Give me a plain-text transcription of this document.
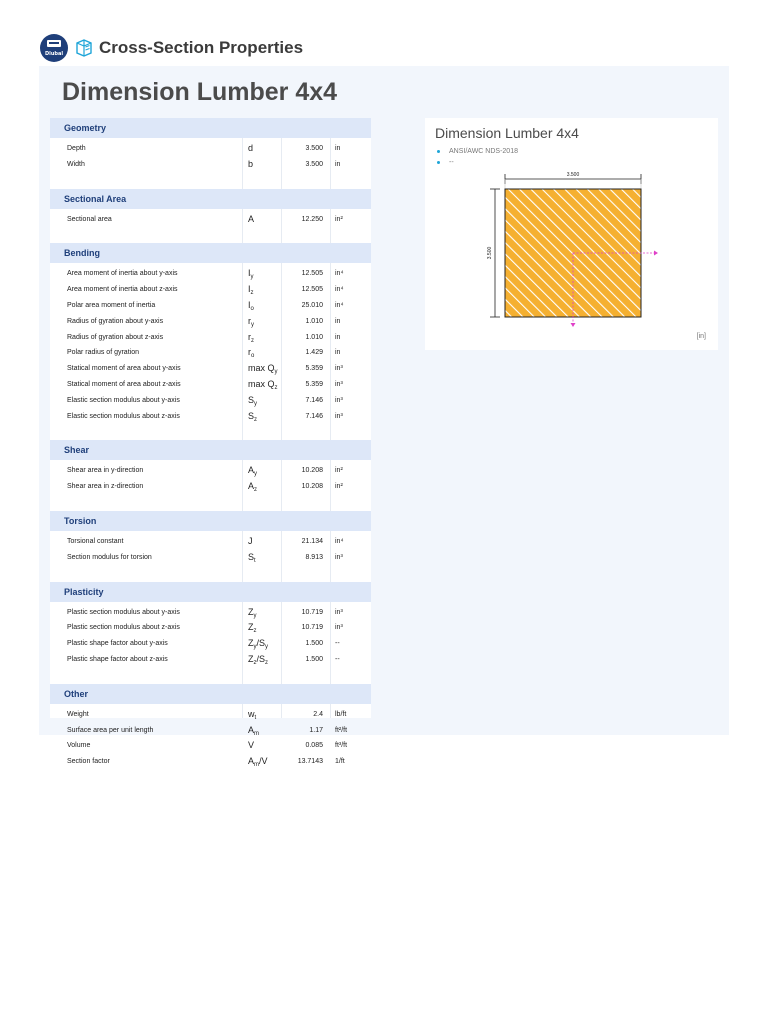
Dlubal Cross-Section Properties
Dimension Lumber 4x4
Geometry
Depth	d	3.500 in
Width	b	3.500 in
Sectional Area
Sectional area	A	12.250 in²
Bending
Area moment of inertia about y-axis	$I_y$	12.505 in⁴
Area moment of inertia about z-axis	$I_z$	12.505 in⁴
Polar area moment of inertia	$I_o$	25.010 in⁴
Radius of gyration about y-axis	$r_y$	1.010 in
Radius of gyration about z-axis	$r_z$	1.010 in
Polar radius of gyration	$r_o$	1.429 in
Statical moment of area about y-axis	$\max Q_y$	5.359 in³
Statical moment of area about z-axis	$\max Q_z$	5.359 in³
Elastic section modulus about y-axis	$S_y$	7.146 in³
Elastic section modulus about z-axis	$S_z$	7.146 in³
Shear
Shear area in y-direction	$A_y$	10.208 in²
Shear area in z-direction	$A_z$	10.208 in²
Torsion
Torsional constant	J	21.134 in⁴
Section modulus for torsion	$S_t$	8.913 in³
Plasticity
Plastic section modulus about y-axis	$Z_y$	10.719 in³
Plastic section modulus about z-axis	$Z_z$	10.719 in³
Plastic shape factor about y-axis	$Z_y/S_y$	1.500 --
Plastic shape factor about z-axis	$Z_z/S_z$	1.500 --
Other
Weight	$w_t$	2.4 lb/ft
Surface area per unit length	$A_m$	1.17 ft²/ft
Volume	V	0.085 ft³/ft
Section factor	$A_m/V$	13.7143 1/ft
Dimension Lumber 4x4
ANSI/AWC NDS-2018
--
3.500
3.500
[in]
